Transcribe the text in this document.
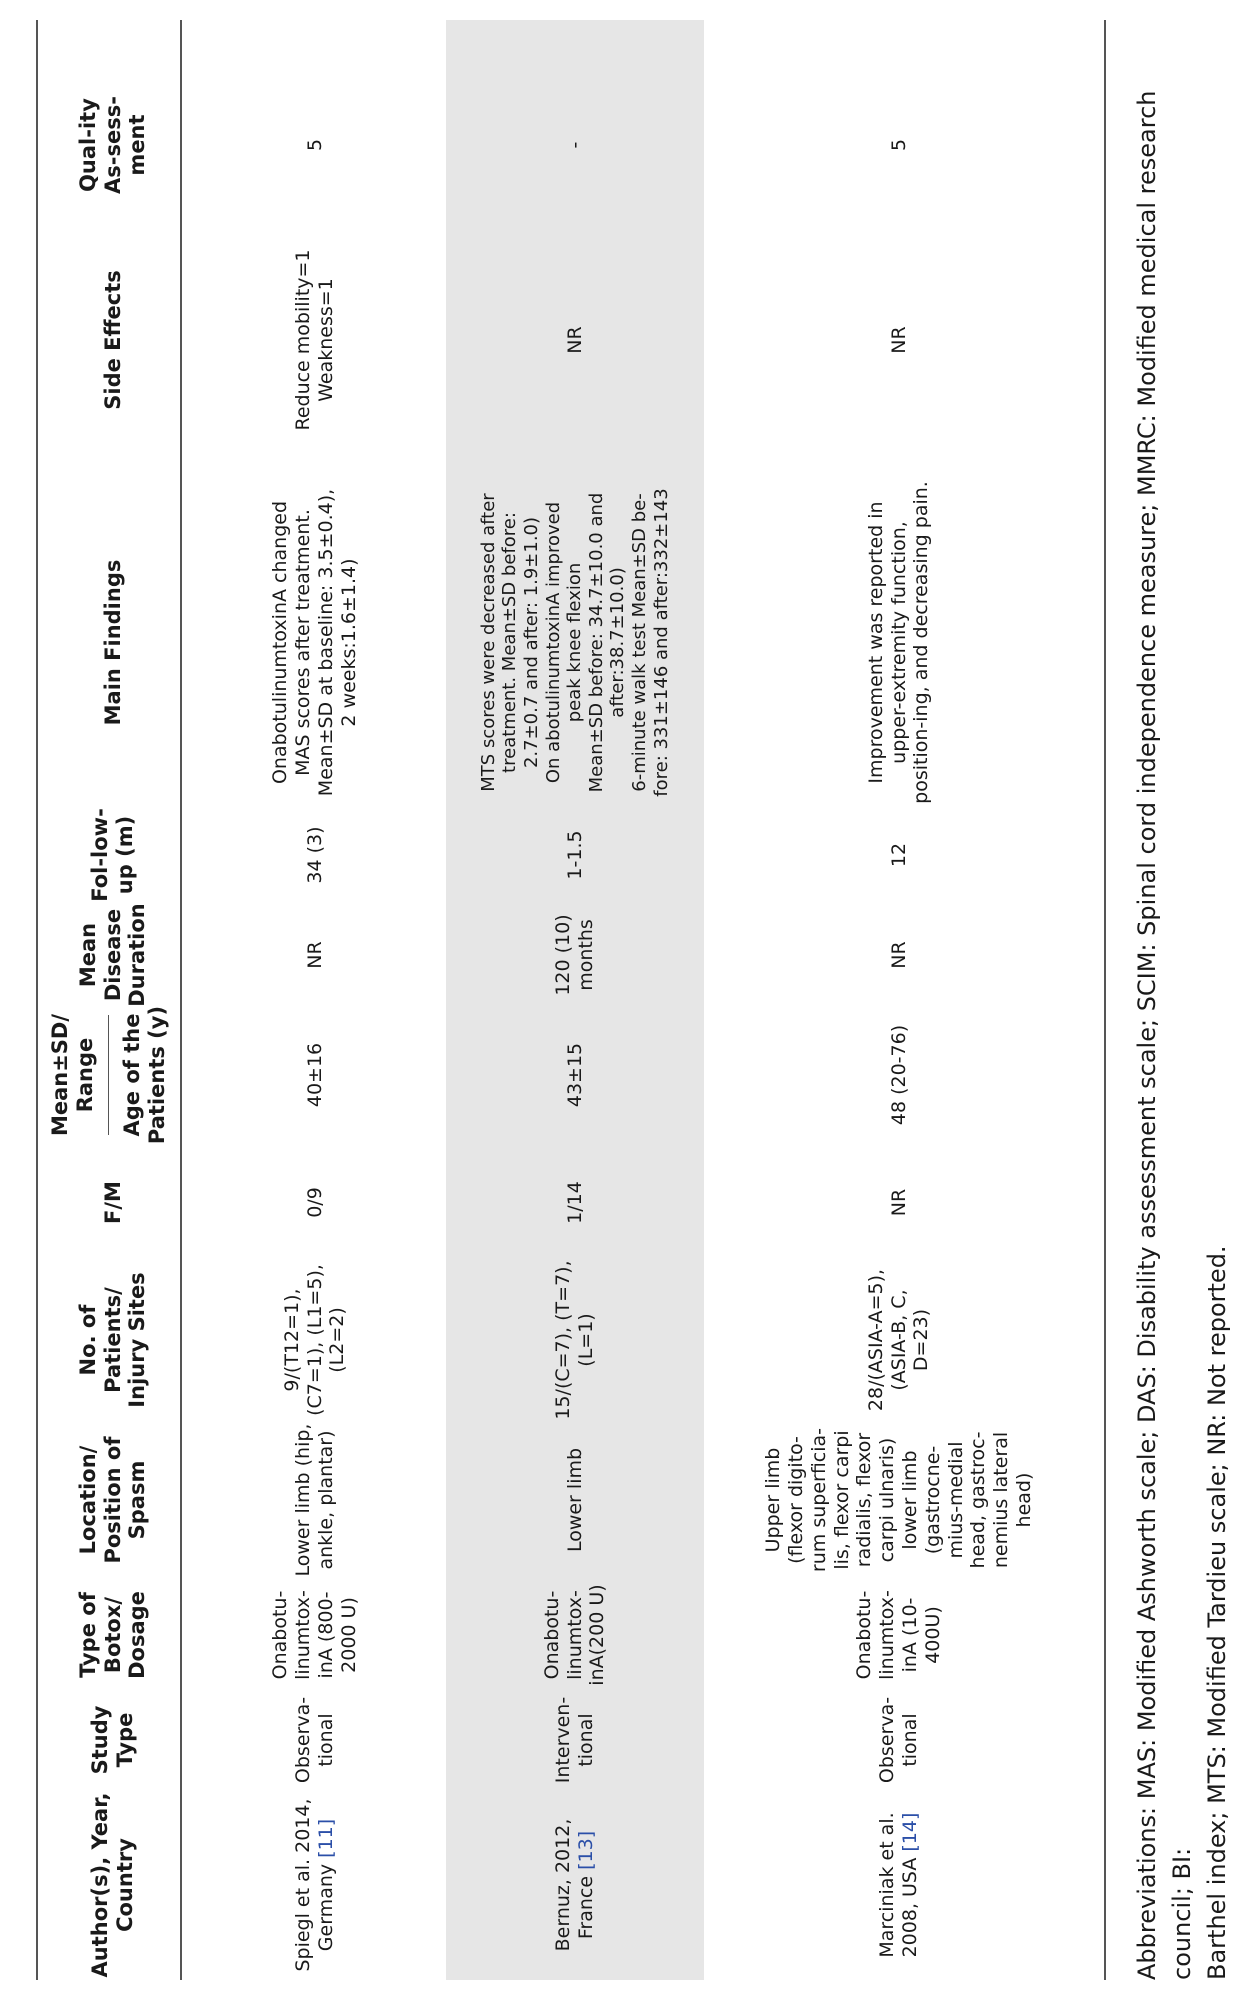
Author(s), Year, Country
Study Type
Type of Botox/ Dosage
Location/ Position of Spasm
No. of Patients/ Injury Sites
F/M
Mean±SD/ Range	Age of the Patients (y)
Mean Disease Duration
Fol-low-up (m)
Main Findings
Side Effects
Qual-ity As-sess-ment
Spiegl et al. 2014, Germany [11]
Observa-tional
Onabotu-linumtox-inA (800-2000 U)
Lower limb (hip, ankle, plantar)
9/(T12=1), (C7=1), (L1=5), (L2=2)
0/9
40±16
NR
34 (3)
OnabotulinumtoxinA changed MAS scores after treatment. Mean±SD at baseline: 3.5±0.4), 2 weeks:1.6±1.4)
Reduce mobility=1 Weakness=1
5
Bernuz, 2012, France [13]
Interven-tional
Onabotu-linumtox-inA(200 U)
Lower limb
15/(C=7), (T=7), (L=1)
1/14
43±15
120 (10) months
1-1.5
MTS scores were decreased after treatment. Mean±SD before: 2.7±0.7 and after: 1.9±1.0) On abotulinumtoxinA improved peak knee flexion Mean±SD before: 34.7±10.0 and after:38.7±10.0) 6-minute walk test Mean±SD be-fore: 331±146 and after:332±143
NR
-
Marciniak et al. 2008, USA [14]
Observa-tional
Onabotu-linumtox-inA (10-400U)
Upper limb (flexor digito-rum superficia-lis, flexor carpi radialis, flexor carpi ulnaris) lower limb (gastrocne-mius-medial head, gastroc-nemius lateral head)
28/(ASIA-A=5), (ASIA-B, C, D=23)
NR
48 (20-76)
NR
12
Improvement was reported in upper-extremity function, position-ing, and decreasing pain.
NR
5	Abbreviations: MAS: Modified Ashworth scale; DAS: Disability assessment scale; SCIM: Spinal cord independence measure; MMRC: Modified medical research council; BI: Barthel index; MTS: Modified Tardieu scale; NR: Not reported.
